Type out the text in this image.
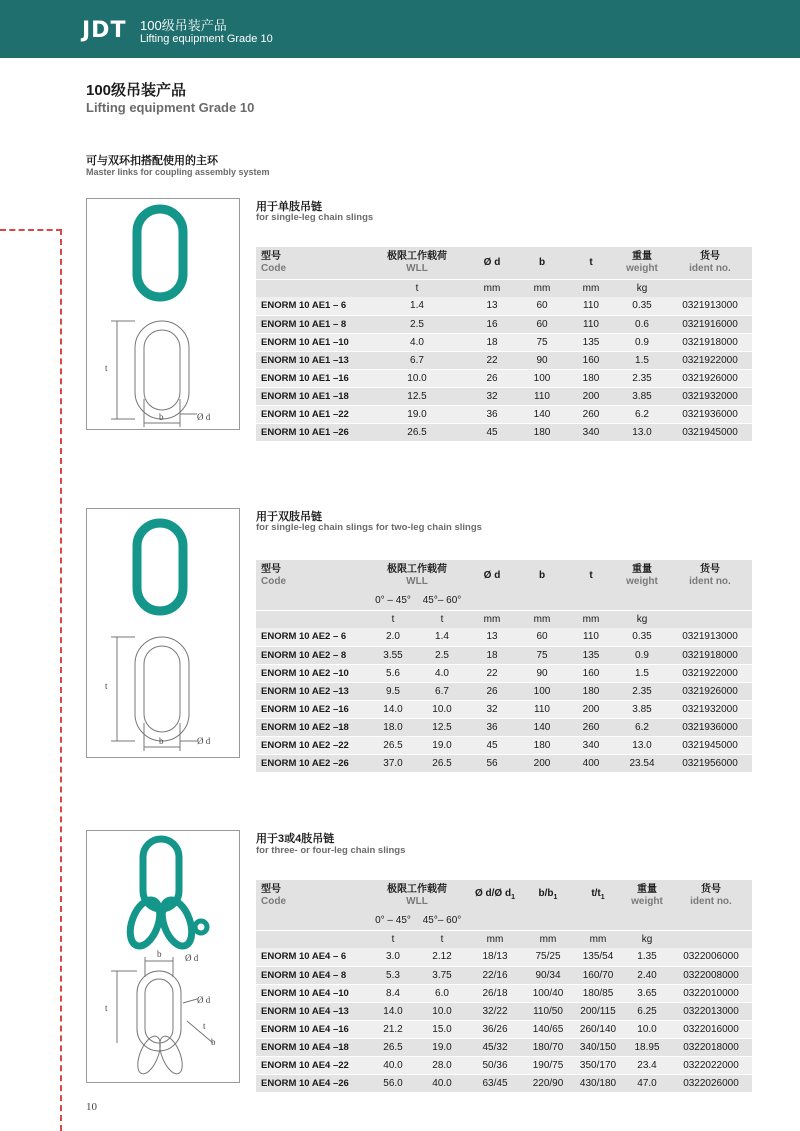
JDT 100级吊装产品
Lifting equipment Grade 10
100级吊装产品
Lifting equipment Grade 10
可与双环扣搭配使用的主环
Master links for coupling assembly system
t
b	Ø d
用于单肢吊链
for single-leg chain slings
型号
Code	极限工作载荷
WLL	Ø d	b	t	重量
weight	货号
ident no.
	t	mm	mm	mm	kg	
ENORM 10 AE1 – 6	1.4	13	60	110	0.35	0321913000
ENORM 10 AE1 – 8	2.5	16	60	110	0.6	0321916000
ENORM 10 AE1 –10	4.0	18	75	135	0.9	0321918000
ENORM 10 AE1 –13	6.7	22	90	160	1.5	0321922000
ENORM 10 AE1 –16	10.0	26	100	180	2.35	0321926000
ENORM 10 AE1 –18	12.5	32	110	200	3.85	0321932000
ENORM 10 AE1 –22	19.0	36	140	260	6.2	0321936000
ENORM 10 AE1 –26	26.5	45	180	340	13.0	0321945000
t
b	Ø d
用于双肢吊链
for single-leg chain slings for two-leg chain slings
型号
Code	极限工作载荷
WLL		Ø d	b	t	重量
weight	货号
ident no.
	0° – 45°	45°– 60°					
	t	t	mm	mm	mm	kg	
ENORM 10 AE2 – 6	2.0	1.4	13	60	110	0.35	0321913000
ENORM 10 AE2 – 8	3.55	2.5	18	75	135	0.9	0321918000
ENORM 10 AE2 –10	5.6	4.0	22	90	160	1.5	0321922000
ENORM 10 AE2 –13	9.5	6.7	26	100	180	2.35	0321926000
ENORM 10 AE2 –16	14.0	10.0	32	110	200	3.85	0321932000
ENORM 10 AE2 –18	18.0	12.5	36	140	260	6.2	0321936000
ENORM 10 AE2 –22	26.5	19.0	45	180	340	13.0	0321945000
ENORM 10 AE2 –26	37.0	26.5	56	200	400	23.54	0321956000
b	Ø d
t
Ø d
t
b
用于3或4肢吊链
for three- or four-leg chain slings
型号
Code	极限工作载荷
WLL		Ø d/Ø $d_1$	$b/b_1$	$t/t_1$	重量
weight	货号
ident no.
	0° – 45°	45°– 60°					
	t	t	mm	mm	mm	kg	
ENORM 10 AE4 – 6	3.0	2.12	18/13	75/25	135/54	1.35	0322006000
ENORM 10 AE4 – 8	5.3	3.75	22/16	90/34	160/70	2.40	0322008000
ENORM 10 AE4 –10	8.4	6.0	26/18	100/40	180/85	3.65	0322010000
ENORM 10 AE4 –13	14.0	10.0	32/22	110/50	200/115	6.25	0322013000
ENORM 10 AE4 –16	21.2	15.0	36/26	140/65	260/140	10.0	0322016000
ENORM 10 AE4 –18	26.5	19.0	45/32	180/70	340/150	18.95	0322018000
ENORM 10 AE4 –22	40.0	28.0	50/36	190/75	350/170	23.4	0322022000
ENORM 10 AE4 –26	56.0	40.0	63/45	220/90	430/180	47.0	0322026000
10
